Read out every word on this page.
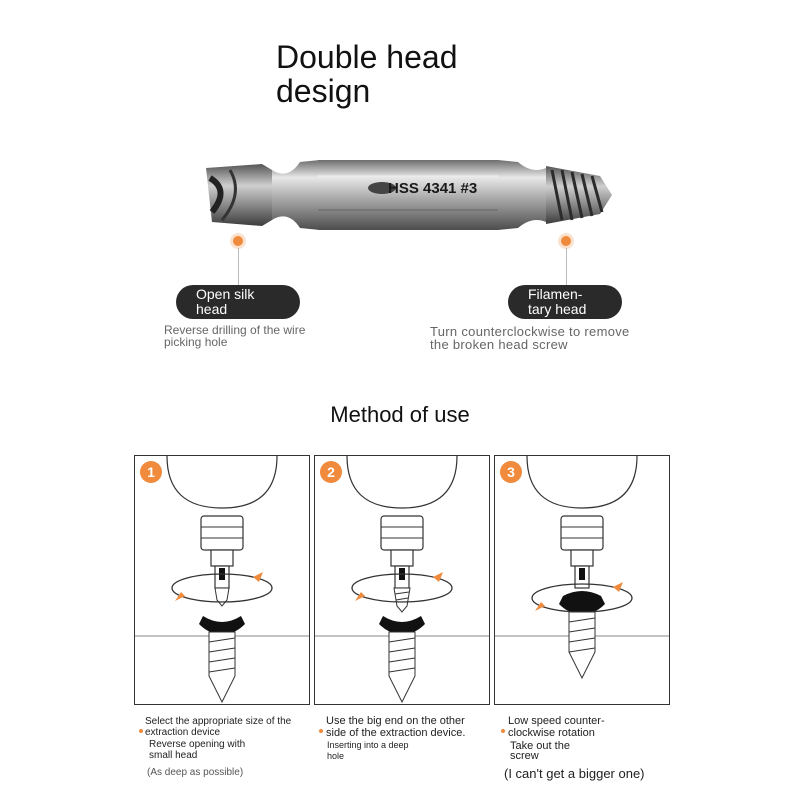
Double head
design
HSS 4341 #3
Open silk
head
Reverse drilling of the wire
picking hole
Filamen-
tary head
Turn counterclockwise to remove
the broken head screw
Method of use
1	2	3
Select the appropriate size of the
extraction device
Reverse opening with
small head
(As deep as possible)
Use the big end on the other
side of the extraction device.
Inserting into a deep
hole
Low speed counter-
clockwise rotation
Take out the
screw
(I can't get a bigger one)
